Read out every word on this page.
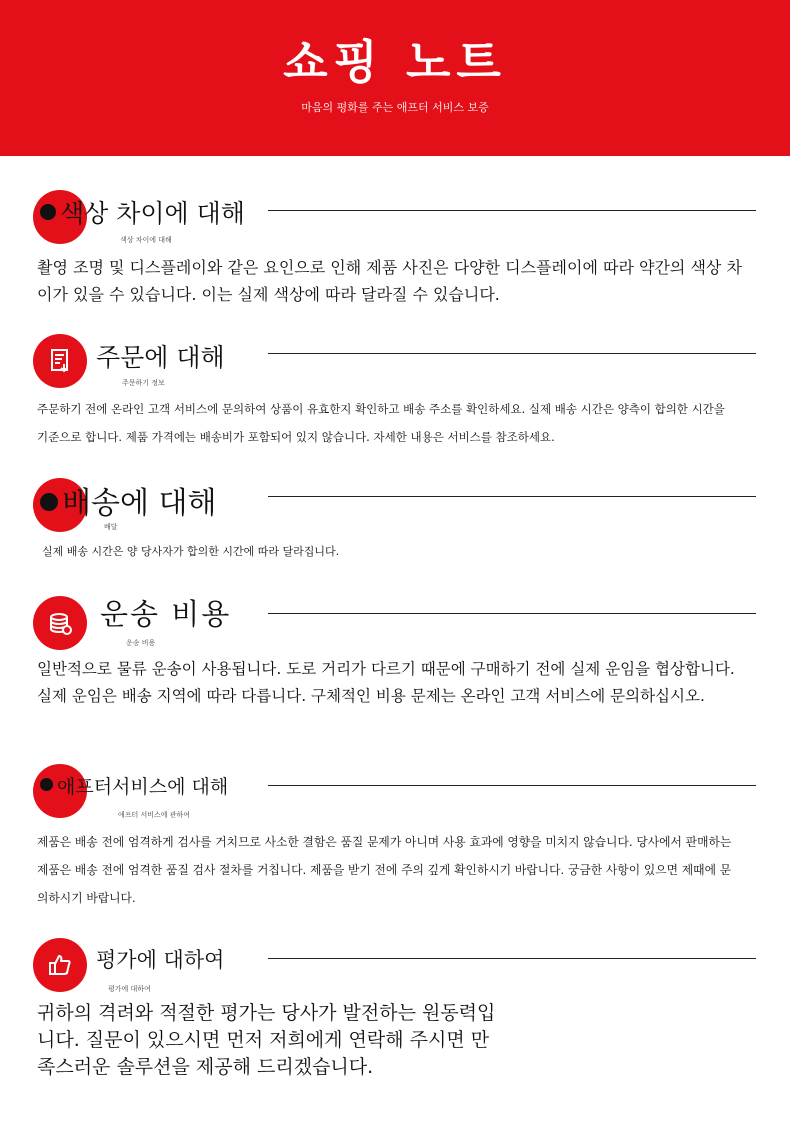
쇼핑 노트
마음의 평화를 주는 애프터 서비스 보증
색상 차이에 대해
색상 차이에 대해
촬영 조명 및 디스플레이와 같은 요인으로 인해 제품 사진은 다양한 디스플레이에 따라 약간의 색상 차이가 있을 수 있습니다. 이는 실제 색상에 따라 달라질 수 있습니다.
주문에 대해
주문하기 정보
주문하기 전에 온라인 고객 서비스에 문의하여 상품이 유효한지 확인하고 배송 주소를 확인하세요. 실제 배송 시간은 양측이 합의한 시간을 기준으로 합니다. 제품 가격에는 배송비가 포함되어 있지 않습니다. 자세한 내용은 서비스를 참조하세요.
배송에 대해
배달
실제 배송 시간은 양 당사자가 합의한 시간에 따라 달라집니다.
운송 비용
운송 비용
일반적으로 물류 운송이 사용됩니다. 도로 거리가 다르기 때문에 구매하기 전에 실제 운임을 협상합니다. 실제 운임은 배송 지역에 따라 다릅니다. 구체적인 비용 문제는 온라인 고객 서비스에 문의하십시오.
애프터서비스에 대해
애프터 서비스에 관하여
제품은 배송 전에 엄격하게 검사를 거치므로 사소한 결함은 품질 문제가 아니며 사용 효과에 영향을 미치지 않습니다. 당사에서 판매하는 제품은 배송 전에 엄격한 품질 검사 절차를 거칩니다. 제품을 받기 전에 주의 깊게 확인하시기 바랍니다. 궁금한 사항이 있으면 제때에 문의하시기 바랍니다.
평가에 대하여
평가에 대하여
귀하의 격려와 적절한 평가는 당사가 발전하는 원동력입니다. 질문이 있으시면 먼저 저희에게 연락해 주시면 만족스러운 솔루션을 제공해 드리겠습니다.
